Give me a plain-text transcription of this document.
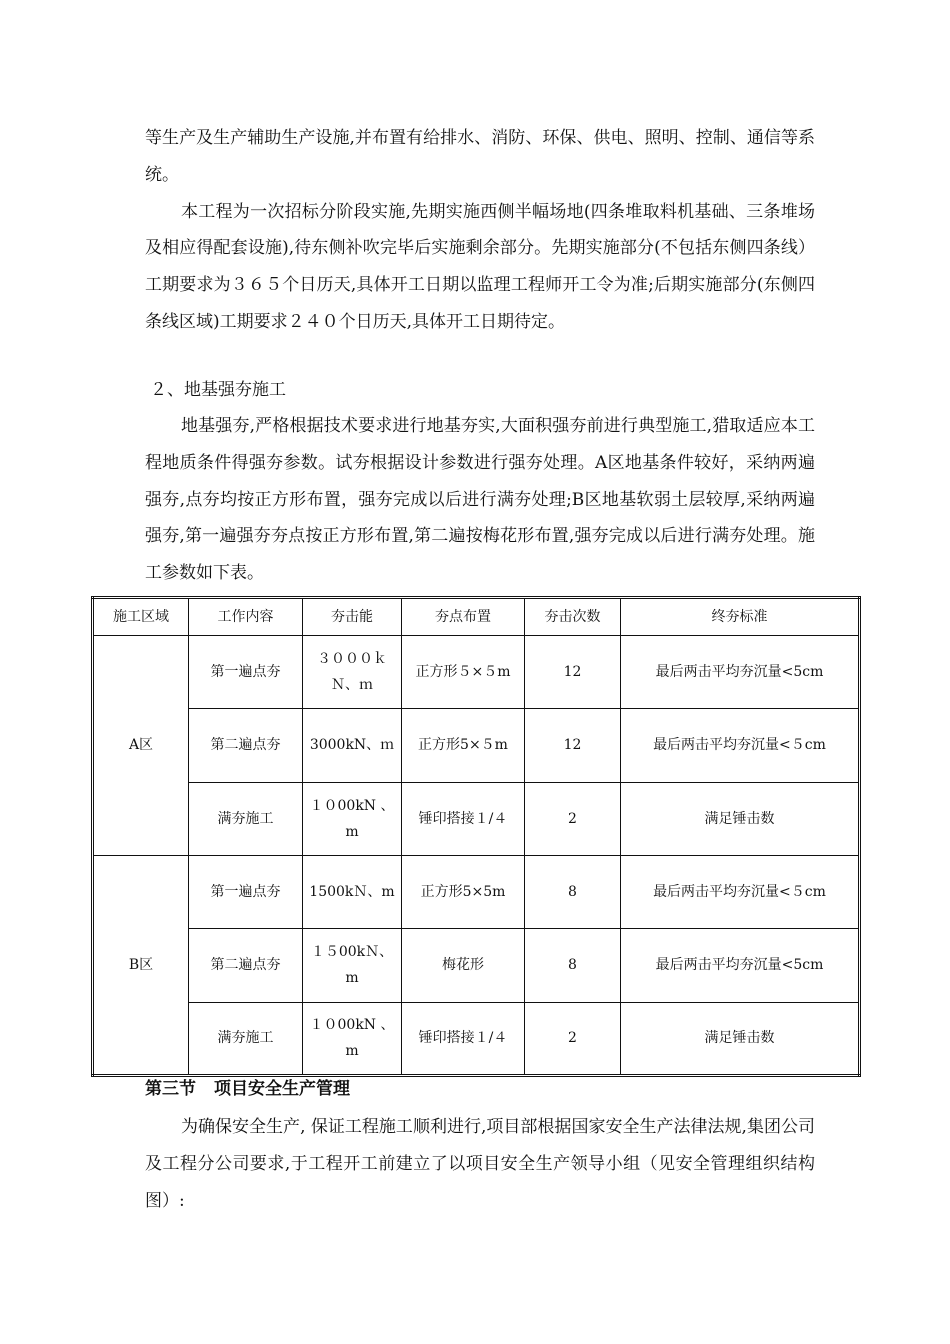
等生产及生产辅助生产设施,并布置有给排水、消防、环保、供电、照明、控制、通信等系统。

本工程为一次招标分阶段实施,先期实施西侧半幅场地(四条堆取料机基础、三条堆场及相应得配套设施),待东侧补吹完毕后实施剩余部分。先期实施部分(不包括东侧四条线）工期要求为３６５个日历天,具体开工日期以监理工程师开工令为准;后期实施部分(东侧四条线区域)工期要求２４０个日历天,具体开工日期待定。

２、地基强夯施工

地基强夯,严格根据技术要求进行地基夯实,大面积强夯前进行典型施工,猎取适应本工程地质条件得强夯参数。试夯根据设计参数进行强夯处理。A区地基条件较好，采纳两遍强夯,点夯均按正方形布置，强夯完成以后进行满夯处理;B区地基软弱土层较厚,采纳两遍强夯,第一遍强夯夯点按正方形布置,第二遍按梅花形布置,强夯完成以后进行满夯处理。施工参数如下表。

施工区域	工作内容	夯击能	夯点布置	夯击次数	终夯标准
A区	第一遍点夯	３０００ｋＮ、ｍ	正方形５×５m	12	最后两击平均夯沉量<5cm
	第二遍点夯	3000kN、ｍ	正方形5×５m	12	最后两击平均夯沉量<５cm
	满夯施工	１０00kN 、m	锤印搭接１/４	2	满足锤击数
B区	第一遍点夯	1500kＮ、m	正方形5×5m	8	最后两击平均夯沉量<５cm
	第二遍点夯	１５00kＮ、m	梅花形	8	最后两击平均夯沉量<5cm
	满夯施工	１０00kN 、m	锤印搭接１/４	2	满足锤击数
第三节 项目安全生产管理

为确保安全生产, 保证工程施工顺利进行,项目部根据国家安全生产法律法规,集团公司及工程分公司要求,于工程开工前建立了以项目安全生产领导小组（见安全管理组织结构图）:
